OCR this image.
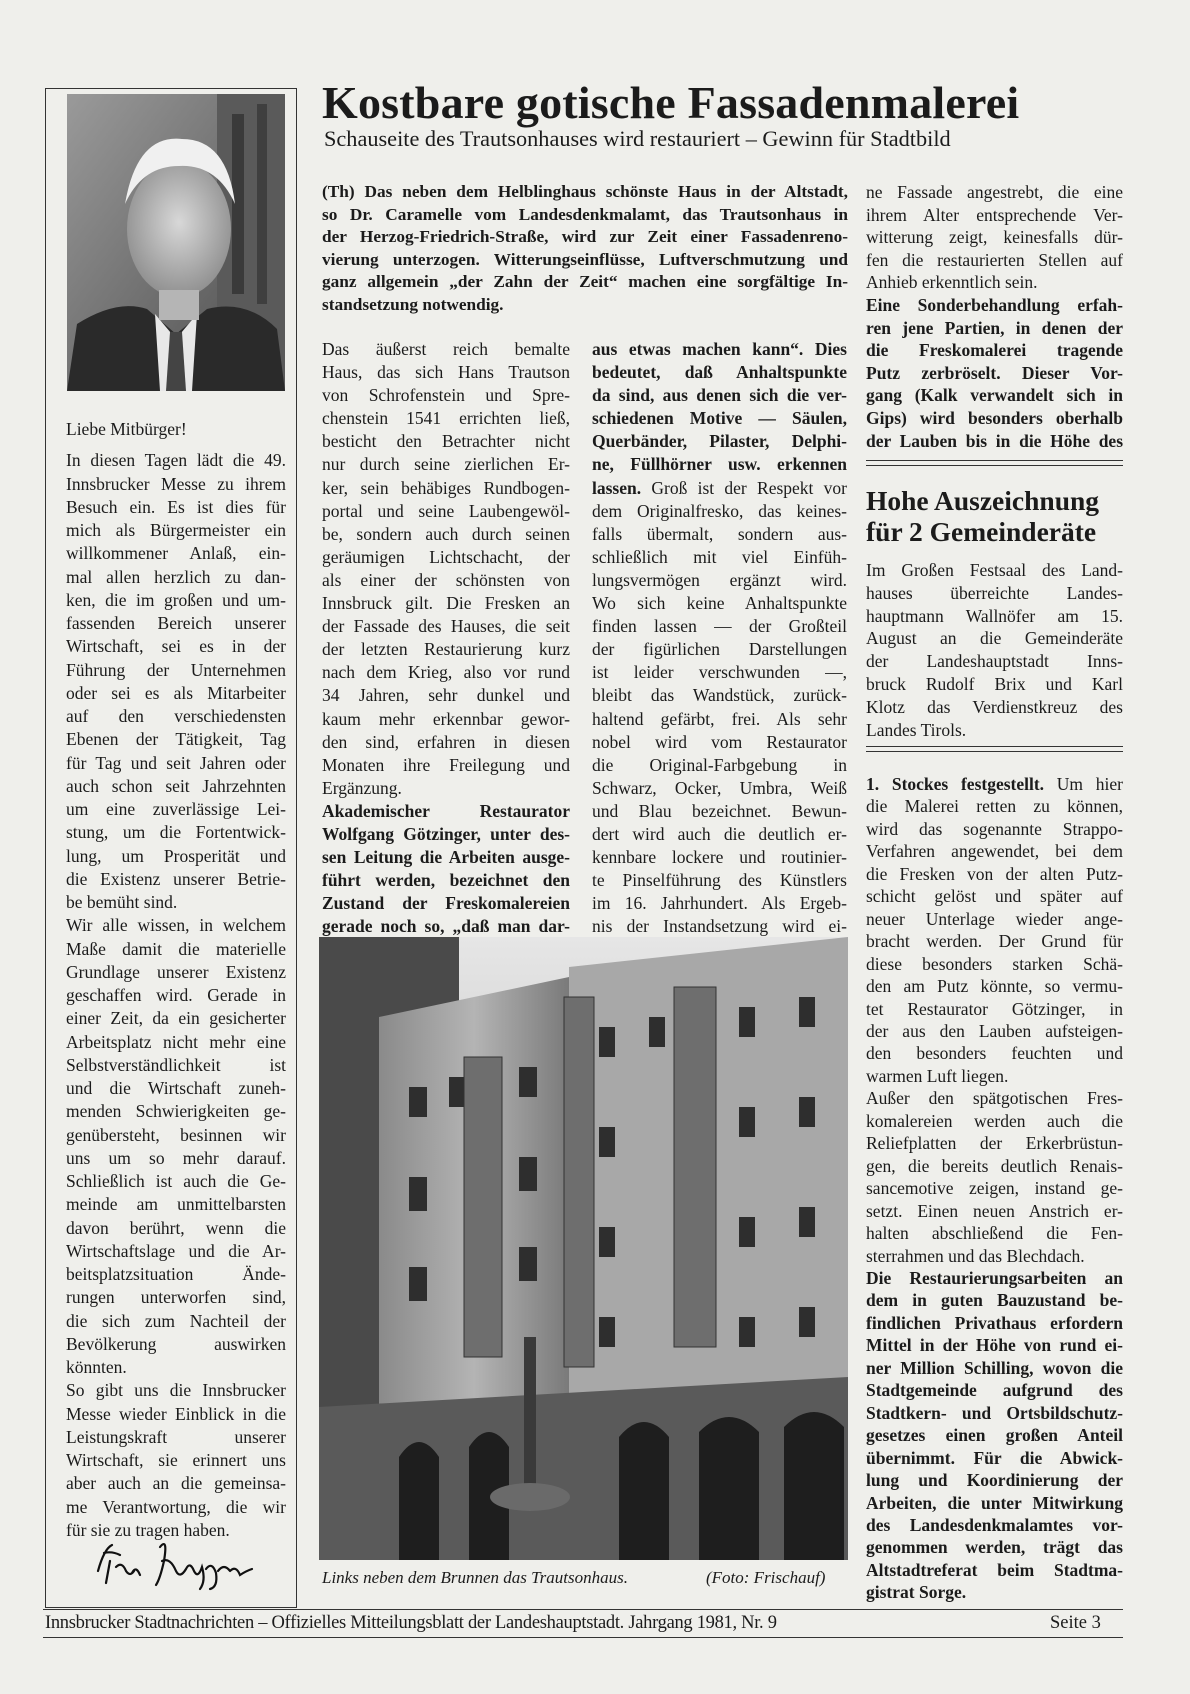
Liebe Mitbürger!
In diesen Tagen lädt die 49.
Innsbrucker Messe zu ihrem
Besuch ein. Es ist dies für
mich als Bürgermeister ein
willkommener Anlaß, ein-
mal allen herzlich zu dan-
ken, die im großen und um-
fassenden Bereich unserer
Wirtschaft, sei es in der
Führung der Unternehmen
oder sei es als Mitarbeiter
auf den verschiedensten
Ebenen der Tätigkeit, Tag
für Tag und seit Jahren oder
auch schon seit Jahrzehnten
um eine zuverlässige Lei-
stung, um die Fortentwick-
lung, um Prosperität und
die Existenz unserer Betrie-
be bemüht sind.
Wir alle wissen, in welchem
Maße damit die materielle
Grundlage unserer Existenz
geschaffen wird. Gerade in
einer Zeit, da ein gesicherter
Arbeitsplatz nicht mehr eine
Selbstverständlichkeit ist
und die Wirtschaft zuneh-
menden Schwierigkeiten ge-
genübersteht, besinnen wir
uns um so mehr darauf.
Schließlich ist auch die Ge-
meinde am unmittelbarsten
davon berührt, wenn die
Wirtschaftslage und die Ar-
beitsplatzsituation Ände-
rungen unterworfen sind,
die sich zum Nachteil der
Bevölkerung auswirken
könnten.
So gibt uns die Innsbrucker
Messe wieder Einblick in die
Leistungskraft unserer
Wirtschaft, sie erinnert uns
aber auch an die gemeinsa-
me Verantwortung, die wir
für sie zu tragen haben.
Kostbare gotische Fassadenmalerei
Schauseite des Trautsonhauses wird restauriert – Gewinn für Stadtbild
(Th) Das neben dem Helblinghaus schönste Haus in der Altstadt,
so Dr. Caramelle vom Landesdenkmalamt, das Trautsonhaus in
der Herzog-Friedrich-Straße, wird zur Zeit einer Fassadenreno-
vierung unterzogen. Witterungseinflüsse, Luftverschmutzung und
ganz allgemein „der Zahn der Zeit“ machen eine sorgfältige In-
standsetzung notwendig.
Das äußerst reich bemalte
Haus, das sich Hans Trautson
von Schrofenstein und Spre-
chenstein 1541 errichten ließ,
besticht den Betrachter nicht
nur durch seine zierlichen Er-
ker, sein behäbiges Rundbogen-
portal und seine Laubengewöl-
be, sondern auch durch seinen
geräumigen Lichtschacht, der
als einer der schönsten von
Innsbruck gilt. Die Fresken an
der Fassade des Hauses, die seit
der letzten Restaurierung kurz
nach dem Krieg, also vor rund
34 Jahren, sehr dunkel und
kaum mehr erkennbar gewor-
den sind, erfahren in diesen
Monaten ihre Freilegung und
Ergänzung.
Akademischer Restaurator
Wolfgang Götzinger, unter des-
sen Leitung die Arbeiten ausge-
führt werden, bezeichnet den
Zustand der Freskomalereien
gerade noch so, „daß man dar-
aus etwas machen kann“. Dies
bedeutet, daß Anhaltspunkte
da sind, aus denen sich die ver-
schiedenen Motive — Säulen,
Querbänder, Pilaster, Delphi-
ne, Füllhörner usw. erkennen
lassen. Groß ist der Respekt vor
dem Originalfresko, das keines-
falls übermalt, sondern aus-
schließlich mit viel Einfüh-
lungsvermögen ergänzt wird.
Wo sich keine Anhaltspunkte
finden lassen — der Großteil
der figürlichen Darstellungen
ist leider verschwunden —,
bleibt das Wandstück, zurück-
haltend gefärbt, frei. Als sehr
nobel wird vom Restaurator
die Original-Farbgebung in
Schwarz, Ocker, Umbra, Weiß
und Blau bezeichnet. Bewun-
dert wird auch die deutlich er-
kennbare lockere und routinier-
te Pinselführung des Künstlers
im 16. Jahrhundert. Als Ergeb-
nis der Instandsetzung wird ei-
ne Fassade angestrebt, die eine
ihrem Alter entsprechende Ver-
witterung zeigt, keinesfalls dür-
fen die restaurierten Stellen auf
Anhieb erkenntlich sein.
Eine Sonderbehandlung erfah-
ren jene Partien, in denen der
die Freskomalerei tragende
Putz zerbröselt. Dieser Vor-
gang (Kalk verwandelt sich in
Gips) wird besonders oberhalb
der Lauben bis in die Höhe des
Hohe Auszeichnung
für 2 Gemeinderäte
Im Großen Festsaal des Land-
hauses überreichte Landes-
hauptmann Wallnöfer am 15.
August an die Gemeinderäte
der Landeshauptstadt Inns-
bruck Rudolf Brix und Karl
Klotz das Verdienstkreuz des
Landes Tirols.
1. Stockes festgestellt. Um hier
die Malerei retten zu können,
wird das sogenannte Strappo-
Verfahren angewendet, bei dem
die Fresken von der alten Putz-
schicht gelöst und später auf
neuer Unterlage wieder ange-
bracht werden. Der Grund für
diese besonders starken Schä-
den am Putz könnte, so vermu-
tet Restaurator Götzinger, in
der aus den Lauben aufsteigen-
den besonders feuchten und
warmen Luft liegen.
Außer den spätgotischen Fres-
komalereien werden auch die
Reliefplatten der Erkerbrüstun-
gen, die bereits deutlich Renais-
sancemotive zeigen, instand ge-
setzt. Einen neuen Anstrich er-
halten abschließend die Fen-
sterrahmen und das Blechdach.
Die Restaurierungsarbeiten an
dem in guten Bauzustand be-
findlichen Privathaus erfordern
Mittel in der Höhe von rund ei-
ner Million Schilling, wovon die
Stadtgemeinde aufgrund des
Stadtkern- und Ortsbildschutz-
gesetzes einen großen Anteil
übernimmt. Für die Abwick-
lung und Koordinierung der
Arbeiten, die unter Mitwirkung
des Landesdenkmalamtes vor-
genommen werden, trägt das
Altstadtreferat beim Stadtma-
gistrat Sorge.
Links neben dem Brunnen das Trautsonhaus.	(Foto: Frischauf)
Innsbrucker Stadtnachrichten – Offizielles Mitteilungsblatt der Landeshauptstadt. Jahrgang 1981, Nr. 9	Seite 3
